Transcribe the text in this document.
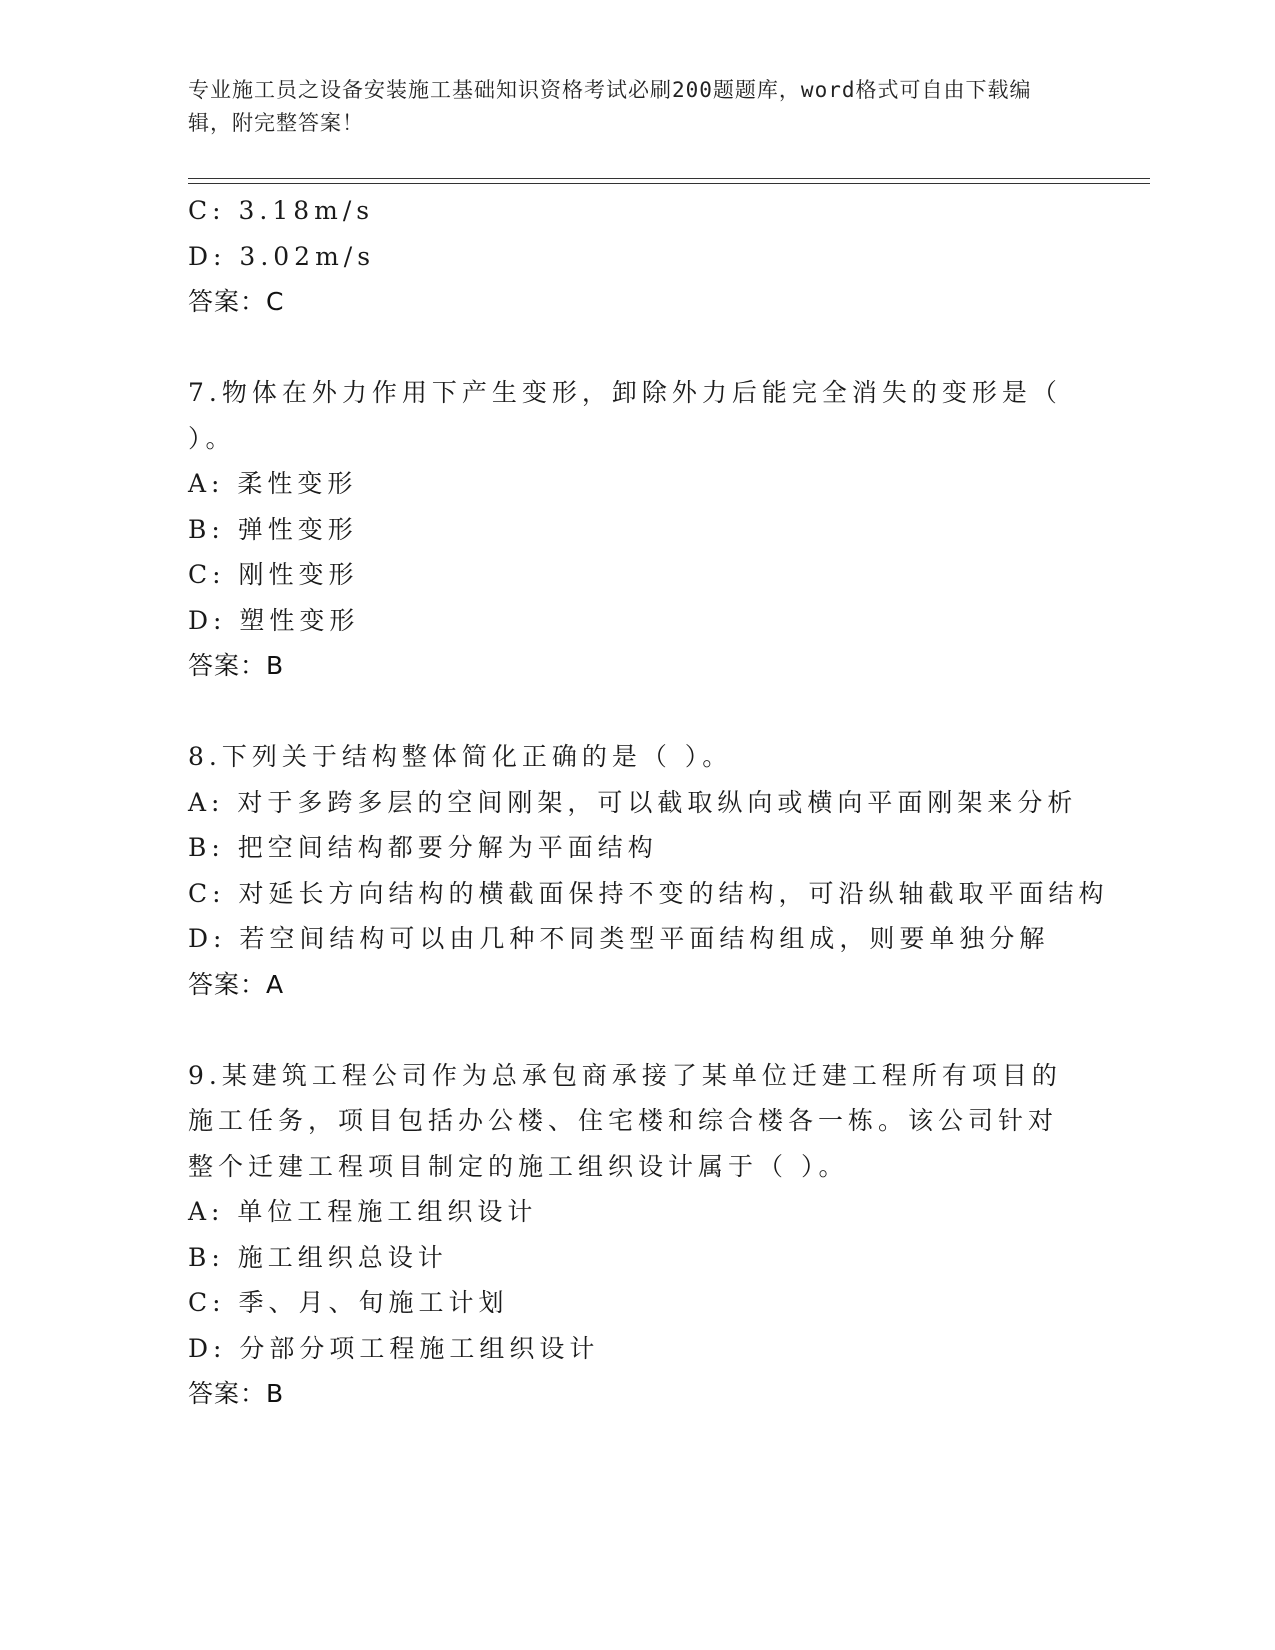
专业施工员之设备安装施工基础知识资格考试必刷200题题库，word格式可自由下载编辑，附完整答案！
C: 3.18m/s
D: 3.02m/s
答案：C
7.物体在外力作用下产生变形，卸除外力后能完全消失的变形是（ ）。
A: 柔性变形
B: 弹性变形
C: 刚性变形
D: 塑性变形
答案：B
8.下列关于结构整体简化正确的是（ ）。
A: 对于多跨多层的空间刚架，可以截取纵向或横向平面刚架来分析
B: 把空间结构都要分解为平面结构
C: 对延长方向结构的横截面保持不变的结构，可沿纵轴截取平面结构
D: 若空间结构可以由几种不同类型平面结构组成，则要单独分解
答案：A
9.某建筑工程公司作为总承包商承接了某单位迁建工程所有项目的施工任务，项目包括办公楼、住宅楼和综合楼各一栋。该公司针对整个迁建工程项目制定的施工组织设计属于（ ）。
A: 单位工程施工组织设计
B: 施工组织总设计
C: 季、月、旬施工计划
D: 分部分项工程施工组织设计
答案：B
